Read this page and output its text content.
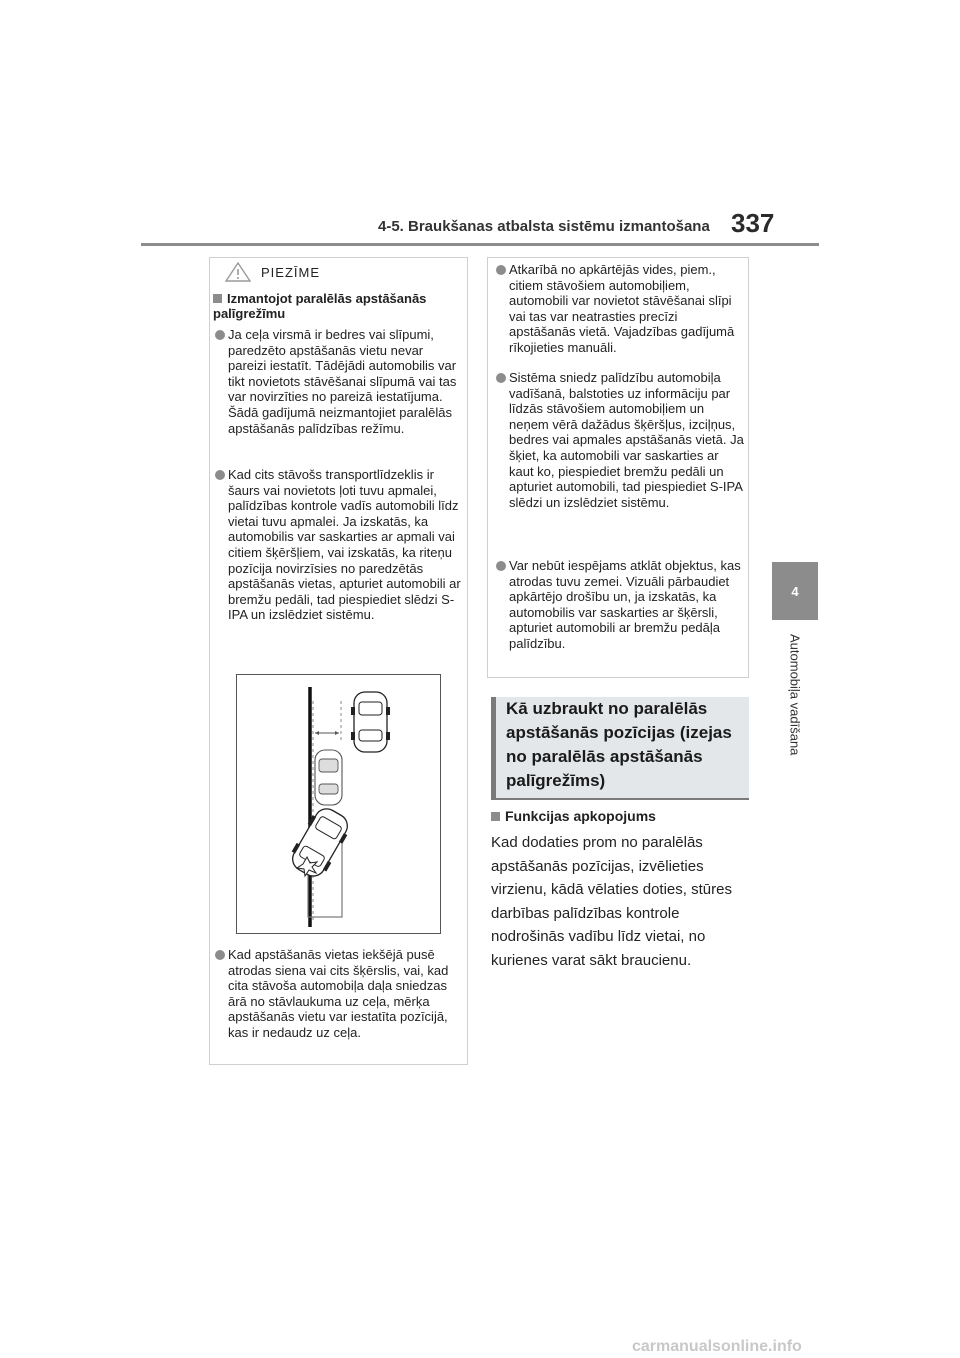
4-5. Braukšanas atbalsta sistēmu izmantošana 337
4
Automobiļa vadīšana
PIEZĪME
Izmantojot paralēlās apstāšanās palīgrežīmu
Ja ceļa virsmā ir bedres vai slīpumi, paredzēto apstāšanās vietu nevar pareizi iestatīt. Tādējādi automobilis var tikt novietots stāvēšanai slīpumā vai tas var novirzīties no pareizā iestatījuma. Šādā gadījumā neizmantojiet paralēlās apstāšanās palīdzības režīmu.
Kad cits stāvošs transportlīdzeklis ir šaurs vai novietots ļoti tuvu apmalei, palīdzības kontrole vadīs automobili līdz vietai tuvu apmalei. Ja izskatās, ka automobilis var saskarties ar apmali vai citiem šķēršļiem, vai izskatās, ka riteņu pozīcija novirzīsies no paredzētās apstāšanās vietas, apturiet automobili ar bremžu pedāli, tad piespiediet slēdzi S-IPA un izslēdziet sistēmu.
Kad apstāšanās vietas iekšējā pusē atrodas siena vai cits šķērslis, vai, kad cita stāvoša automobiļa daļa sniedzas ārā no stāvlaukuma uz ceļa, mērķa apstāšanās vietu var iestatīta pozīcijā, kas ir nedaudz uz ceļa.
Atkarībā no apkārtējās vides, piem., citiem stāvošiem automobiļiem, automobili var novietot stāvēšanai slīpi vai tas var neatrasties precīzi apstāšanās vietā. Vajadzības gadījumā rīkojieties manuāli.
Sistēma sniedz palīdzību automobiļa vadīšanā, balstoties uz informāciju par līdzās stāvošiem automobiļiem un neņem vērā dažādus šķēršļus, izciļņus, bedres vai apmales apstāšanās vietā. Ja šķiet, ka automobili var saskarties ar kaut ko, piespiediet bremžu pedāli un apturiet automobili, tad piespiediet S-IPA slēdzi un izslēdziet sistēmu.
Var nebūt iespējams atklāt objektus, kas atrodas tuvu zemei. Vizuāli pārbaudiet apkārtējo drošību un, ja izskatās, ka automobilis var saskarties ar šķērsli, apturiet automobili ar bremžu pedāļa palīdzību.
Kā uzbraukt no paralēlās apstāšanās pozīcijas (izejas no paralēlās apstāšanās palīgrežīms)
Funkcijas apkopojums
Kad dodaties prom no paralēlās apstāšanās pozīcijas, izvēlieties virzienu, kādā vēlaties doties, stūres darbības palīdzības kontrole nodrošinās vadību līdz vietai, no kurienes varat sākt braucienu.
carmanualsonline.info
